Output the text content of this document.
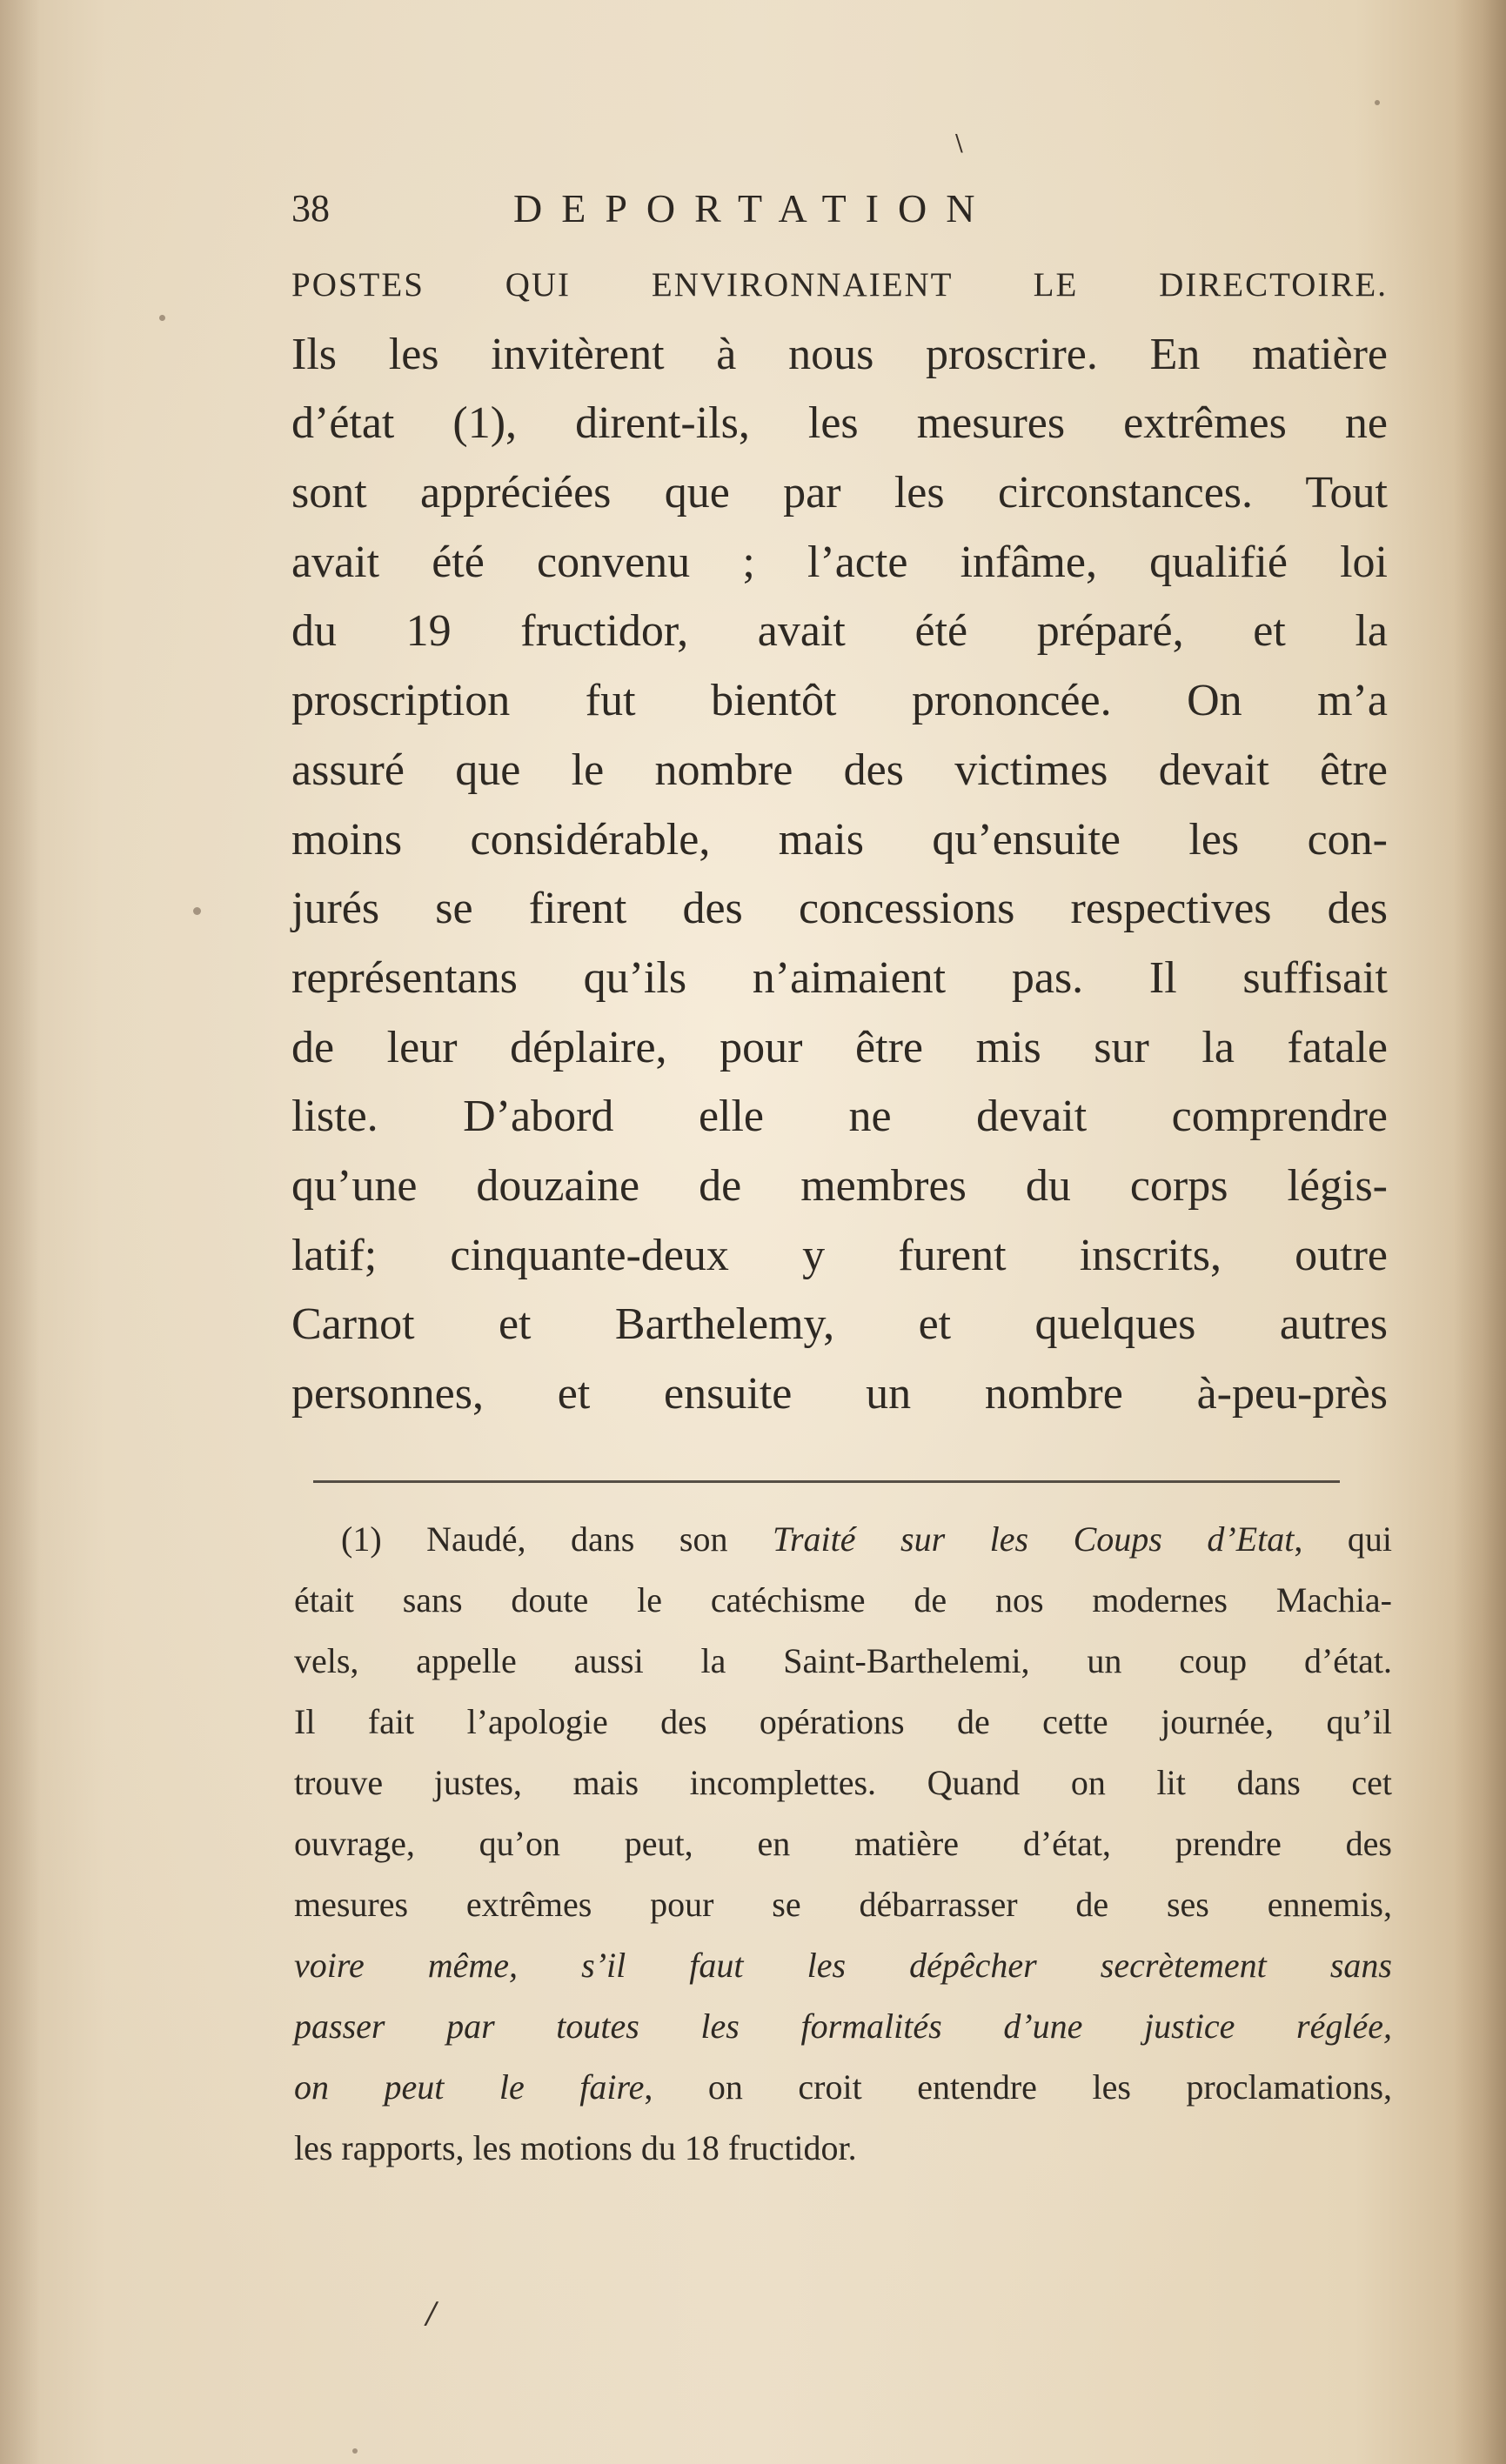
\
38	DEPORTATION
POSTES QUI ENVIRONNAIENT LE DIRECTOIRE.
Ils les invitèrent à nous proscrire. En matière
d’état (1), dirent-ils, les mesures extrêmes ne
sont appréciées que par les circonstances. Tout
avait été convenu ; l’acte infâme, qualifié loi
du 19 fructidor, avait été préparé, et la
proscription fut bientôt prononcée. On m’a
assuré que le nombre des victimes devait être
moins considérable, mais qu’ensuite les con-
jurés se firent des concessions respectives des
représentans qu’ils n’aimaient pas. Il suffisait
de leur déplaire, pour être mis sur la fatale
liste. D’abord elle ne devait comprendre
qu’une douzaine de membres du corps légis-
latif; cinquante-deux y furent inscrits, outre
Carnot et Barthelemy, et quelques autres
personnes, et ensuite un nombre à-peu-près
(1) Naudé, dans son Traité sur les Coups d’Etat, qui
était sans doute le catéchisme de nos modernes Machia-
vels, appelle aussi la Saint-Barthelemi, un coup d’état.
Il fait l’apologie des opérations de cette journée, qu’il
trouve justes, mais incomplettes. Quand on lit dans cet
ouvrage, qu’on peut, en matière d’état, prendre des
mesures extrêmes pour se débarrasser de ses ennemis,
voire même, s’il faut les dépêcher secrètement sans
passer par toutes les formalités d’une justice réglée,
on peut le faire, on croit entendre les proclamations,
les rapports, les motions du 18 fructidor.
/
